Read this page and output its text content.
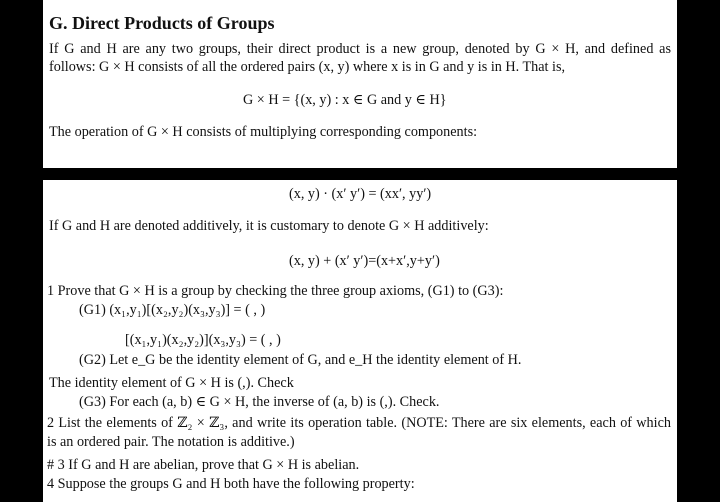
G. Direct Products of Groups
If G and H are any two groups, their direct product is a new group, denoted by G × H, and defined as
follows: G × H consists of all the ordered pairs (x, y) where x is in G and y is in H. That is,
G × H = {(x, y) : x ∈ G and y ∈ H}
The operation of G × H consists of multiplying corresponding components:
(x, y) · (x′ y′) = (xx′, yy′)
If G and H are denoted additively, it is customary to denote G × H additively:
(x, y) + (x′ y′)=(x+x′,y+y′)
1 Prove that G × H is a group by checking the three group axioms, (G1) to (G3):
(G1) (x₁,y₁)[(x₂,y₂)(x₃,y₃)] = ( , )
[(x₁,y₁)(x₂,y₂)](x₃,y₃) = ( , )
(G2) Let e_G be the identity element of G, and e_H the identity element of H.
The identity element of G × H is (,). Check
(G3) For each (a, b) ∈ G × H, the inverse of (a, b) is (,). Check.
2 List the elements of ℤ₂ × ℤ₃, and write its operation table. (NOTE: There are six elements, each of which
is an ordered pair. The notation is additive.)
# 3 If G and H are abelian, prove that G × H is abelian.
4 Suppose the groups G and H both have the following property:
